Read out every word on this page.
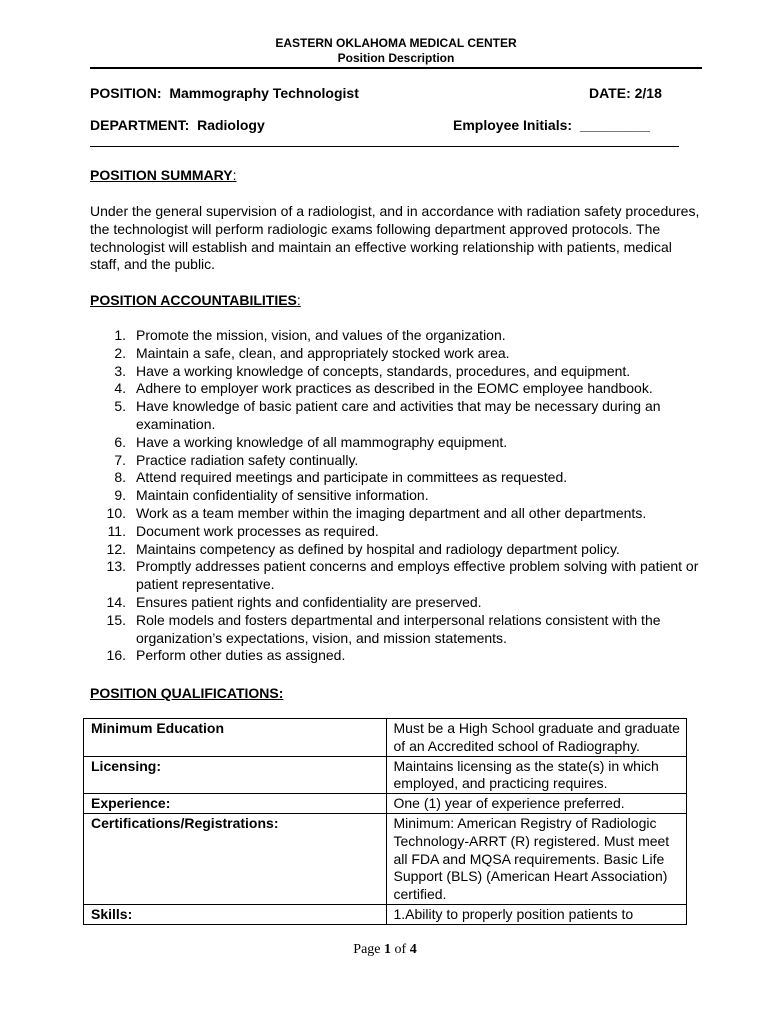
EASTERN OKLAHOMA MEDICAL CENTER
Position Description
POSITION: Mammography Technologist	DATE: 2/18
DEPARTMENT: Radiology	Employee Initials: _________
POSITION SUMMARY:
Under the general supervision of a radiologist, and in accordance with radiation safety procedures, the technologist will perform radiologic exams following department approved protocols. The technologist will establish and maintain an effective working relationship with patients, medical staff, and the public.
POSITION ACCOUNTABILITIES:
1. Promote the mission, vision, and values of the organization.
2. Maintain a safe, clean, and appropriately stocked work area.
3. Have a working knowledge of concepts, standards, procedures, and equipment.
4. Adhere to employer work practices as described in the EOMC employee handbook.
5. Have knowledge of basic patient care and activities that may be necessary during an examination.
6. Have a working knowledge of all mammography equipment.
7. Practice radiation safety continually.
8. Attend required meetings and participate in committees as requested.
9. Maintain confidentiality of sensitive information.
10. Work as a team member within the imaging department and all other departments.
11. Document work processes as required.
12. Maintains competency as defined by hospital and radiology department policy.
13. Promptly addresses patient concerns and employs effective problem solving with patient or patient representative.
14. Ensures patient rights and confidentiality are preserved.
15. Role models and fosters departmental and interpersonal relations consistent with the organization’s expectations, vision, and mission statements.
16. Perform other duties as assigned.
POSITION QUALIFICATIONS:
Minimum Education	Must be a High School graduate and graduate of an Accredited school of Radiography.
Licensing:	Maintains licensing as the state(s) in which employed, and practicing requires.
Experience:	One (1) year of experience preferred.
Certifications/Registrations:	Minimum: American Registry of Radiologic Technology-ARRT (R) registered. Must meet all FDA and MQSA requirements. Basic Life Support (BLS) (American Heart Association) certified.
Skills:	1.Ability to properly position patients to
Page 1 of 4
